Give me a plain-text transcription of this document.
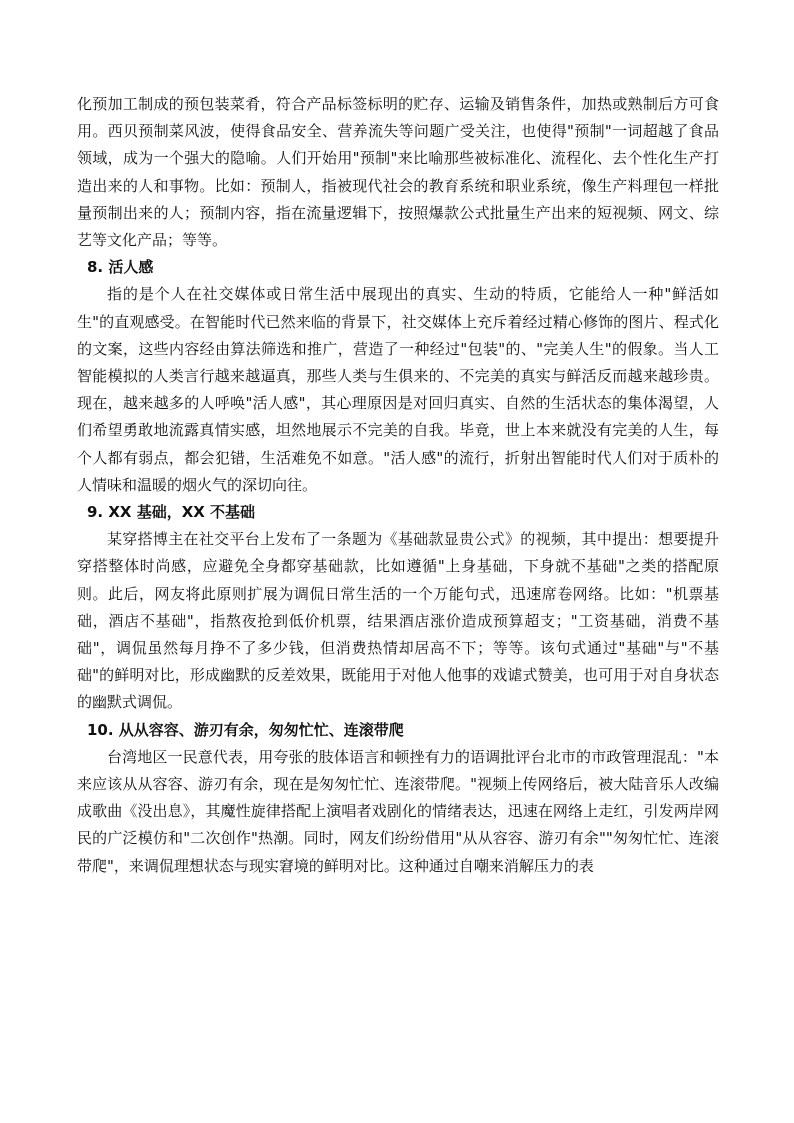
化预加工制成的预包装菜肴，符合产品标签标明的贮存、运输及销售条件，加热或熟制后方可食用。西贝预制菜风波，使得食品安全、营养流失等问题广受关注，也使得"预制"一词超越了食品领域，成为一个强大的隐喻。人们开始用"预制"来比喻那些被标准化、流程化、去个性化生产打造出来的人和事物。比如：预制人，指被现代社会的教育系统和职业系统，像生产料理包一样批量预制出来的人；预制内容，指在流量逻辑下，按照爆款公式批量生产出来的短视频、网文、综艺等文化产品；等等。

8. 活人感

指的是个人在社交媒体或日常生活中展现出的真实、生动的特质，它能给人一种"鲜活如生"的直观感受。在智能时代已然来临的背景下，社交媒体上充斥着经过精心修饰的图片、程式化的文案，这些内容经由算法筛选和推广，营造了一种经过"包装"的、"完美人生"的假象。当人工智能模拟的人类言行越来越逼真，那些人类与生俱来的、不完美的真实与鲜活反而越来越珍贵。现在，越来越多的人呼唤"活人感"，其心理原因是对回归真实、自然的生活状态的集体渴望，人们希望勇敢地流露真情实感，坦然地展示不完美的自我。毕竟，世上本来就没有完美的人生，每个人都有弱点，都会犯错，生活难免不如意。"活人感"的流行，折射出智能时代人们对于质朴的人情味和温暖的烟火气的深切向往。

9. XX 基础，XX 不基础

某穿搭博主在社交平台上发布了一条题为《基础款显贵公式》的视频，其中提出：想要提升穿搭整体时尚感，应避免全身都穿基础款，比如遵循"上身基础，下身就不基础"之类的搭配原则。此后，网友将此原则扩展为调侃日常生活的一个万能句式，迅速席卷网络。比如："机票基础，酒店不基础"，指熬夜抢到低价机票，结果酒店涨价造成预算超支；"工资基础，消费不基础"，调侃虽然每月挣不了多少钱，但消费热情却居高不下；等等。该句式通过"基础"与"不基础"的鲜明对比，形成幽默的反差效果，既能用于对他人他事的戏谑式赞美，也可用于对自身状态的幽默式调侃。

10. 从从容容、游刃有余，匆匆忙忙、连滚带爬

台湾地区一民意代表，用夸张的肢体语言和顿挫有力的语调批评台北市的市政管理混乱："本来应该从从容容、游刃有余，现在是匆匆忙忙、连滚带爬。"视频上传网络后，被大陆音乐人改编成歌曲《没出息》，其魔性旋律搭配上演唱者戏剧化的情绪表达，迅速在网络上走红，引发两岸网民的广泛模仿和"二次创作"热潮。同时，网友们纷纷借用"从从容容、游刃有余""匆匆忙忙、连滚带爬"，来调侃理想状态与现实窘境的鲜明对比。这种通过自嘲来消解压力的表
